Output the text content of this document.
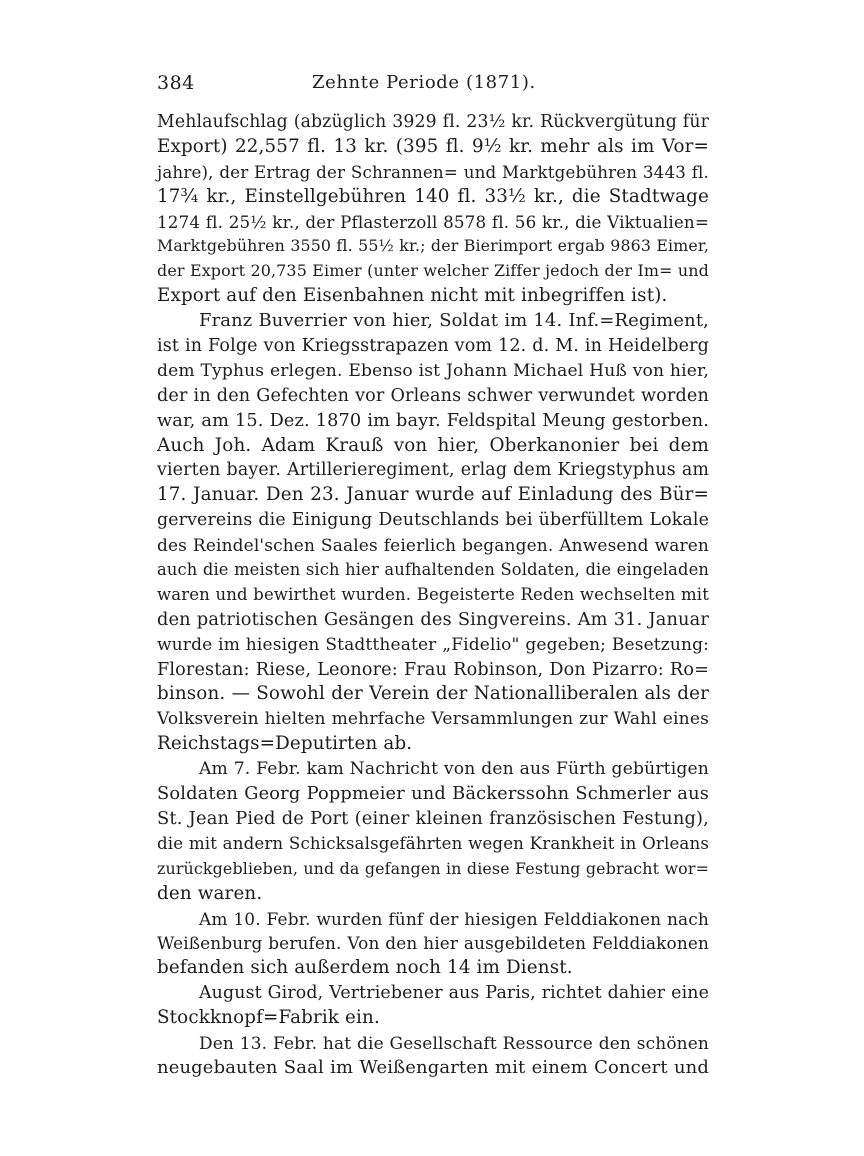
384	Zehnte Periode (1871).
Mehlaufschlag (abzüglich 3929 fl. 23½ kr. Rückvergütung für
Export) 22,557 fl. 13 kr. (395 fl. 9½ kr. mehr als im Vor=
jahre), der Ertrag der Schrannen= und Marktgebühren 3443 fl.
17¾ kr., Einstellgebühren 140 fl. 33½ kr., die Stadtwage
1274 fl. 25½ kr., der Pflasterzoll 8578 fl. 56 kr., die Viktualien=
Marktgebühren 3550 fl. 55½ kr.; der Bierimport ergab 9863 Eimer,
der Export 20,735 Eimer (unter welcher Ziffer jedoch der Im= und
Export auf den Eisenbahnen nicht mit inbegriffen ist).
Franz Buverrier von hier, Soldat im 14. Inf.=Regiment,
ist in Folge von Kriegsstrapazen vom 12. d. M. in Heidelberg
dem Typhus erlegen. Ebenso ist Johann Michael Huß von hier,
der in den Gefechten vor Orleans schwer verwundet worden
war, am 15. Dez. 1870 im bayr. Feldspital Meung gestorben.
Auch Joh. Adam Krauß von hier, Oberkanonier bei dem
vierten bayer. Artillerieregiment, erlag dem Kriegstyphus am
17. Januar. Den 23. Januar wurde auf Einladung des Bür=
gervereins die Einigung Deutschlands bei überfülltem Lokale
des Reindel'schen Saales feierlich begangen. Anwesend waren
auch die meisten sich hier aufhaltenden Soldaten, die eingeladen
waren und bewirthet wurden. Begeisterte Reden wechselten mit
den patriotischen Gesängen des Singvereins. Am 31. Januar
wurde im hiesigen Stadttheater „Fidelio" gegeben; Besetzung:
Florestan: Riese, Leonore: Frau Robinson, Don Pizarro: Ro=
binson. — Sowohl der Verein der Nationalliberalen als der
Volksverein hielten mehrfache Versammlungen zur Wahl eines
Reichstags=Deputirten ab.
Am 7. Febr. kam Nachricht von den aus Fürth gebürtigen
Soldaten Georg Poppmeier und Bäckerssohn Schmerler aus
St. Jean Pied de Port (einer kleinen französischen Festung),
die mit andern Schicksalsgefährten wegen Krankheit in Orleans
zurückgeblieben, und da gefangen in diese Festung gebracht wor=
den waren.
Am 10. Febr. wurden fünf der hiesigen Felddiakonen nach
Weißenburg berufen. Von den hier ausgebildeten Felddiakonen
befanden sich außerdem noch 14 im Dienst.
August Girod, Vertriebener aus Paris, richtet dahier eine
Stockknopf=Fabrik ein.
Den 13. Febr. hat die Gesellschaft Ressource den schönen
neugebauten Saal im Weißengarten mit einem Concert und
